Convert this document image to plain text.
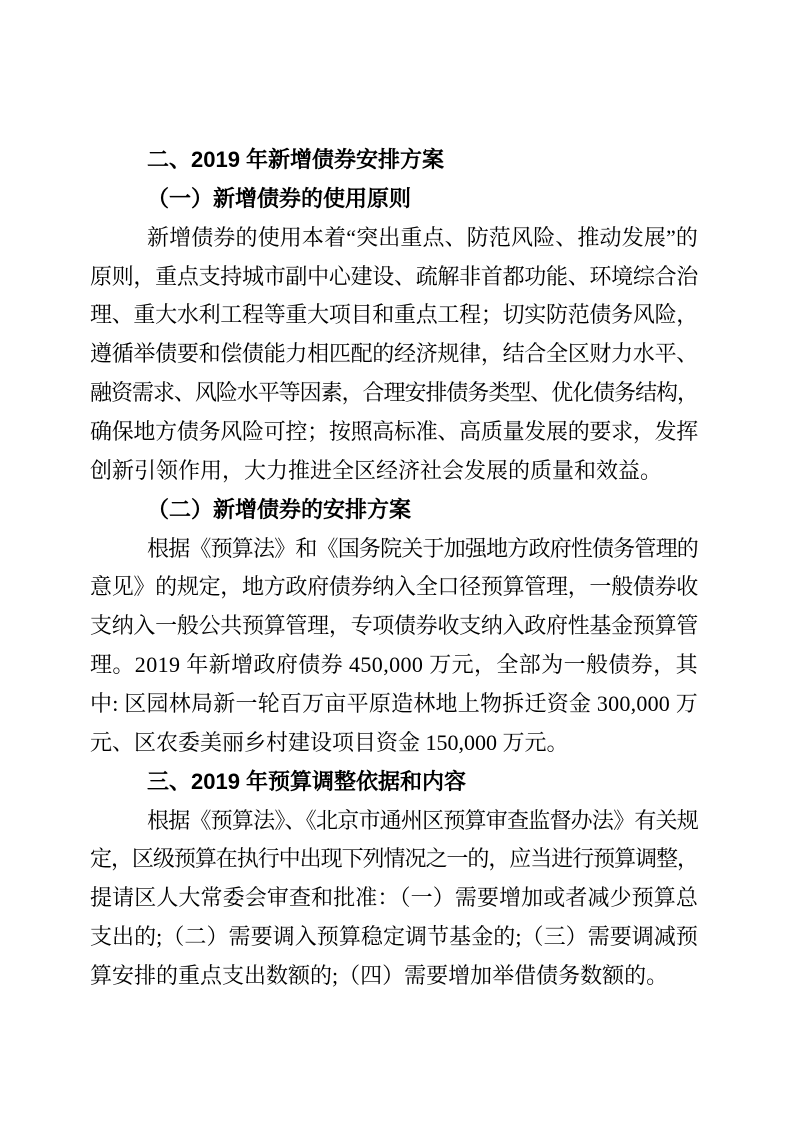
二、2019 年新增债券安排方案
（一）新增债券的使用原则
新增债券的使用本着“突出重点、防范风险、推动发展”的
原则，重点支持城市副中心建设、疏解非首都功能、环境综合治
理、重大水利工程等重大项目和重点工程；切实防范债务风险，
遵循举债要和偿债能力相匹配的经济规律，结合全区财力水平、
融资需求、风险水平等因素，合理安排债务类型、优化债务结构，
确保地方债务风险可控；按照高标准、高质量发展的要求，发挥
创新引领作用，大力推进全区经济社会发展的质量和效益。
（二）新增债券的安排方案
根据《预算法》和《国务院关于加强地方政府性债务管理的
意见》的规定，地方政府债券纳入全口径预算管理，一般债券收
支纳入一般公共预算管理，专项债券收支纳入政府性基金预算管
理。2019 年新增政府债券 450,000 万元，全部为一般债券，其
中: 区园林局新一轮百万亩平原造林地上物拆迁资金 300,000 万
元、区农委美丽乡村建设项目资金 150,000 万元。
三、2019 年预算调整依据和内容
根据《预算法》、《北京市通州区预算审查监督办法》有关规
定，区级预算在执行中出现下列情况之一的，应当进行预算调整，
提请区人大常委会审查和批准：（一）需要增加或者减少预算总
支出的;（二）需要调入预算稳定调节基金的;（三）需要调减预
算安排的重点支出数额的;（四）需要增加举借债务数额的。
